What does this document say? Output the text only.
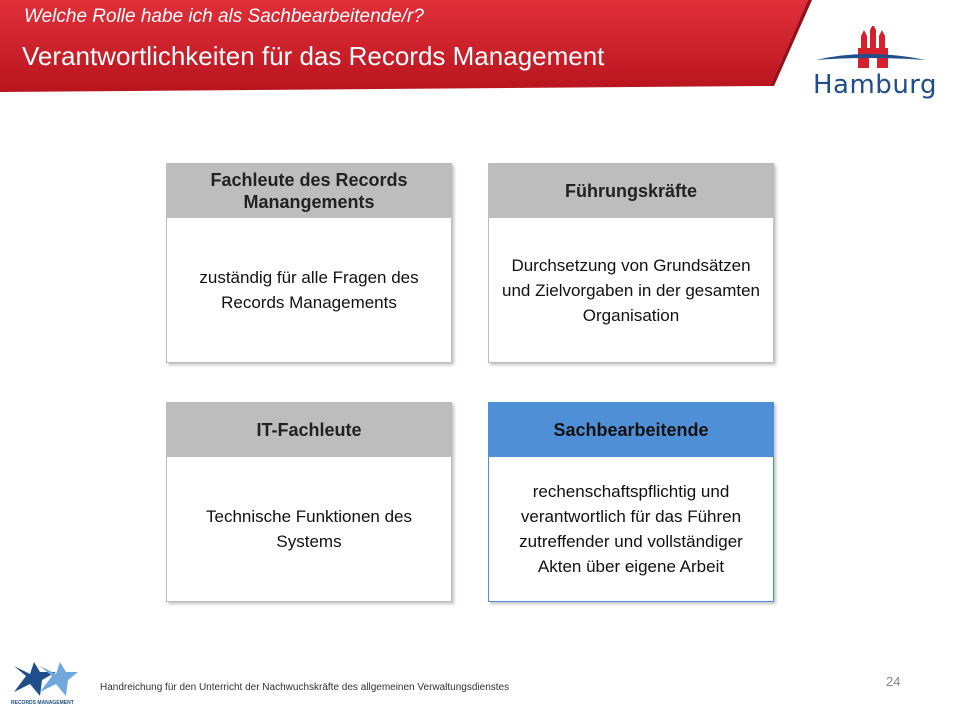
Welche Rolle habe ich als Sachbearbeitende/r?
Verantwortlichkeiten für das Records Management
Hamburg
Fachleute des Records Manangements
zuständig für alle Fragen des Records Managements
Führungskräfte
Durchsetzung von Grundsätzen und Zielvorgaben in der gesamten Organisation
IT-Fachleute
Technische Funktionen des Systems
Sachbearbeitende
rechenschaftspflichtig und verantwortlich für das Führen zutreffender und vollständiger Akten über eigene Arbeit
RECORDS MANAGEMENT
Handreichung für den Unterricht der Nachwuchskräfte des allgemeinen Verwaltungsdienstes	24
